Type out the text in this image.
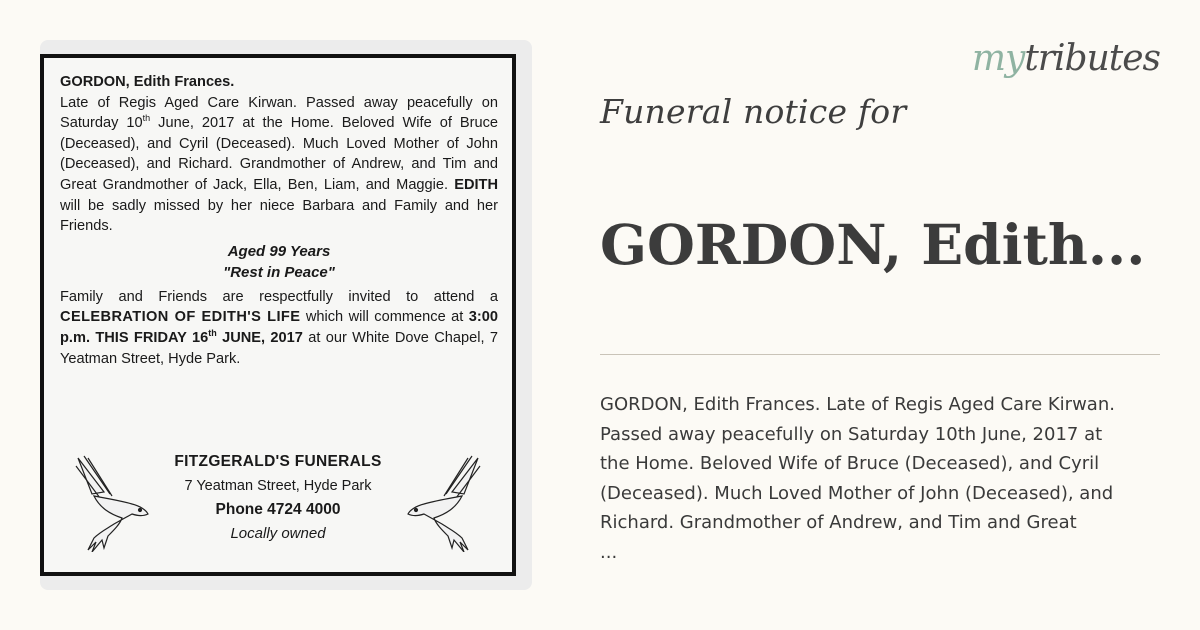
GORDON, Edith Frances.
Late of Regis Aged Care Kirwan. Passed away peacefully on Saturday 10th June, 2017 at the Home. Beloved Wife of Bruce (Deceased), and Cyril (Deceased). Much Loved Mother of John (Deceased), and Richard. Grandmother of Andrew, and Tim and Great Grandmother of Jack, Ella, Ben, Liam, and Maggie. EDITH will be sadly missed by her niece Barbara and Family and her Friends.

Aged 99 Years
"Rest in Peace"

Family and Friends are respectfully invited to attend a CELEBRATION OF EDITH'S LIFE which will commence at 3:00 p.m. THIS FRIDAY 16th JUNE, 2017 at our White Dove Chapel, 7 Yeatman Street, Hyde Park.

FITZGERALD'S FUNERALS
7 Yeatman Street, Hyde Park
Phone 4724 4000
Locally owned
mytributes
Funeral notice for
GORDON, Edith...
GORDON, Edith Frances. Late of Regis Aged Care Kirwan.
Passed away peacefully on Saturday 10th June, 2017 at
the Home. Beloved Wife of Bruce (Deceased), and Cyril
(Deceased). Much Loved Mother of John (Deceased), and
Richard. Grandmother of Andrew, and Tim and Great
...
